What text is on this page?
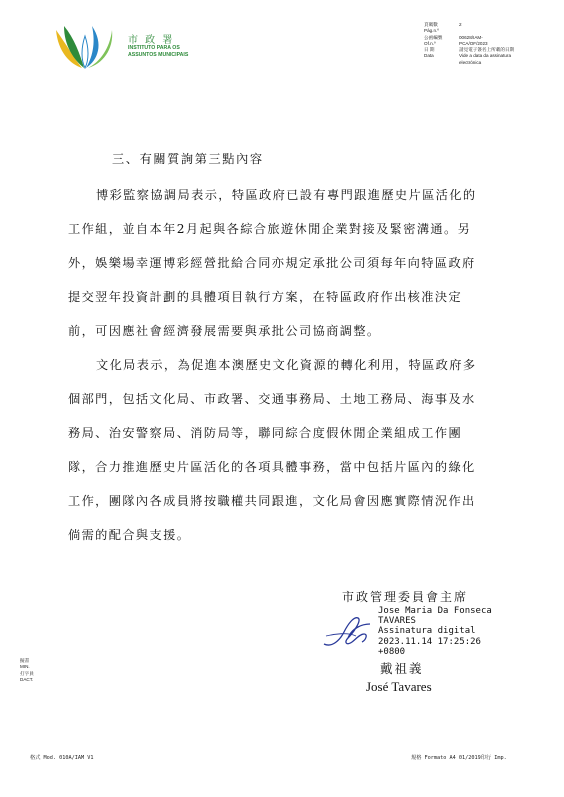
市 政 署
INSTITUTO PARA OS
ASSUNTOS MUNICIPAIS
頁碼數
Pág.n.º
2
公函編號
Of.n.º
00628/IAM-
PCA/OF/2023
日 期
Data
請見電子簽名上所載的日期
Vide a data da assinatura
electrónica
三、有關質詢第三點內容
博彩監察協調局表示，特區政府已設有專門跟進歷史片區活化的
工作組，並自本年2月起與各綜合旅遊休閒企業對接及緊密溝通。另
外，娛樂場幸運博彩經營批給合同亦規定承批公司須每年向特區政府
提交翌年投資計劃的具體項目執行方案，在特區政府作出核准決定
前，可因應社會經濟發展需要與承批公司協商調整。
文化局表示，為促進本澳歷史文化資源的轉化利用，特區政府多
個部門，包括文化局、市政署、交通事務局、土地工務局、海事及水
務局、治安警察局、消防局等，聯同綜合度假休閒企業組成工作團
隊，合力推進歷史片區活化的各項具體事務，當中包括片區內的綠化
工作，團隊內各成員將按職權共同跟進，文化局會因應實際情況作出
倘需的配合與支援。
市政管理委員會主席
Jose Maria Da Fonseca
TAVARES
Assinatura digital
2023.11.14 17:25:26
+0800
戴祖義
José Tavares
擬書
MIN.
打字員
DACT.
格式 Mod. 010A/IAM V1	規格 Formato A4 01/2019印行 Imp.
